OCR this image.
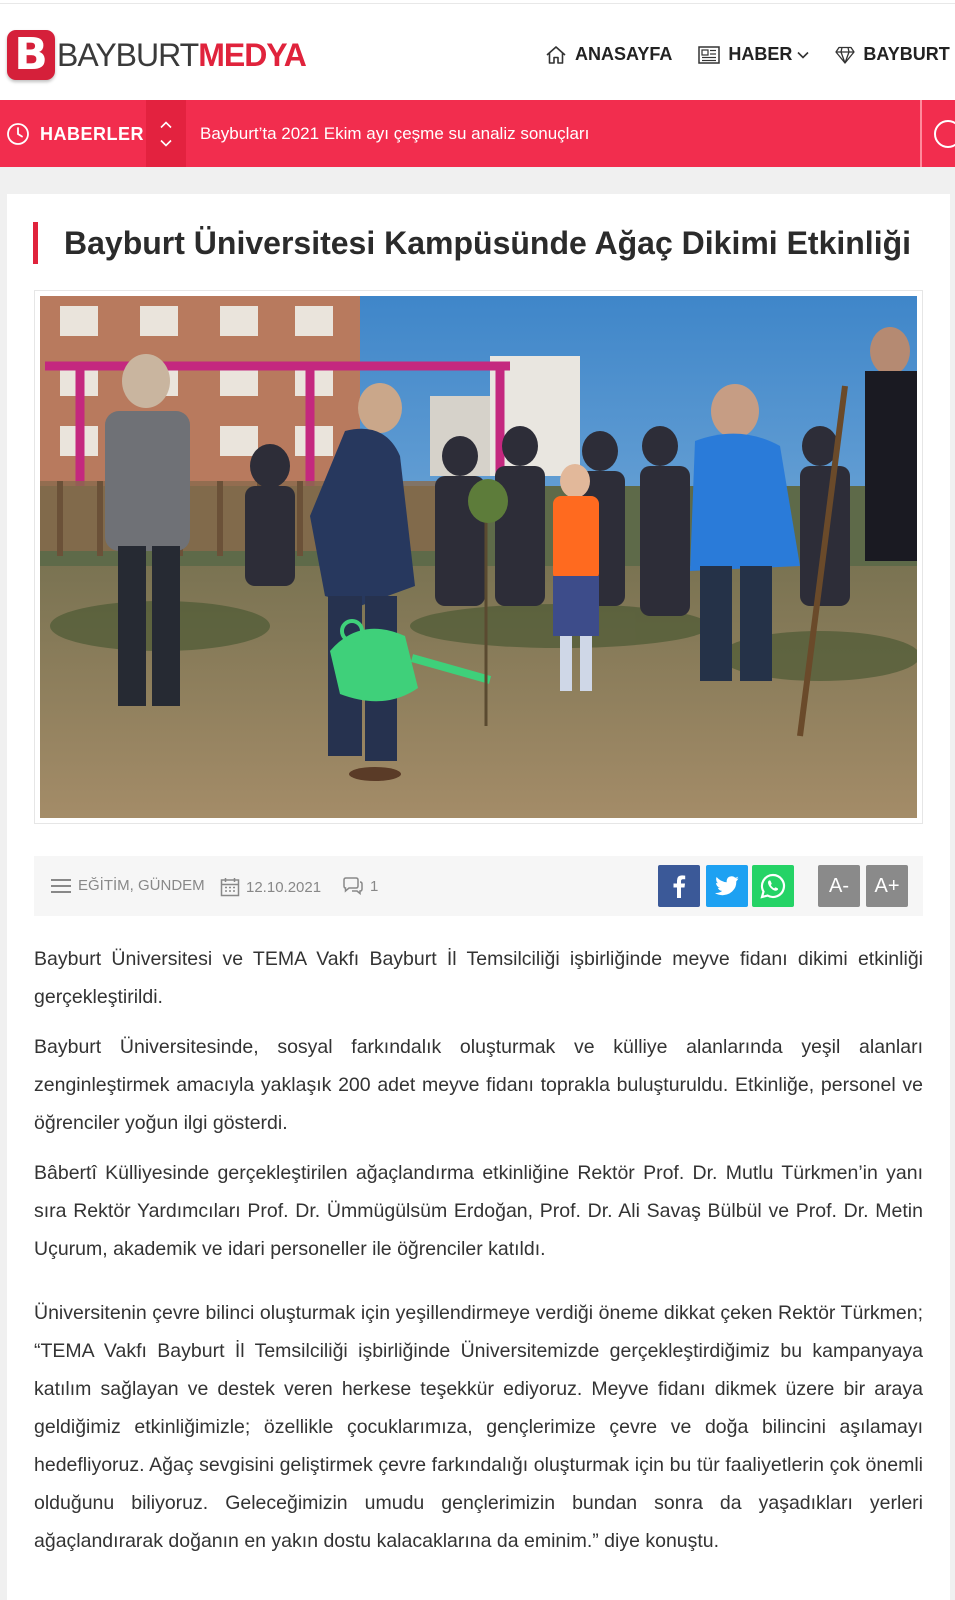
B BAYBURTMEDYA	ANASAYFA	HABER	BAYBURT
HABERLER	Bayburt’ta 2021 Ekim ayı çeşme su analiz sonuçları
Bayburt Üniversitesi Kampüsünde Ağaç Dikimi Etkinliği
EĞİTİM, GÜNDEM	12.10.2021	1	A-	A+

Bayburt Üniversitesi ve TEMA Vakfı Bayburt İl Temsilciliği işbirliğinde meyve fidanı dikimi etkinliği gerçekleştirildi.

Bayburt Üniversitesinde, sosyal farkındalık oluşturmak ve külliye alanlarında yeşil alanları zenginleştirmek amacıyla yaklaşık 200 adet meyve fidanı toprakla buluşturuldu. Etkinliğe, personel ve öğrenciler yoğun ilgi gösterdi.

Bâbertî Külliyesinde gerçekleştirilen ağaçlandırma etkinliğine Rektör Prof. Dr. Mutlu Türkmen’in yanı sıra Rektör Yardımcıları Prof. Dr. Ümmügülsüm Erdoğan, Prof. Dr. Ali Savaş Bülbül ve Prof. Dr. Metin Uçurum, akademik ve idari personeller ile öğrenciler katıldı.

Üniversitenin çevre bilinci oluşturmak için yeşillendirmeye verdiği öneme dikkat çeken Rektör Türkmen; “TEMA Vakfı Bayburt İl Temsilciliği işbirliğinde Üniversitemizde gerçekleştirdiğimiz bu kampanyaya katılım sağlayan ve destek veren herkese teşekkür ediyoruz. Meyve fidanı dikmek üzere bir araya geldiğimiz etkinliğimizle; özellikle çocuklarımıza, gençlerimize çevre ve doğa bilincini aşılamayı hedefliyoruz. Ağaç sevgisini geliştirmek çevre farkındalığı oluşturmak için bu tür faaliyetlerin çok önemli olduğunu biliyoruz. Geleceğimizin umudu gençlerimizin bundan sonra da yaşadıkları yerleri ağaçlandırarak doğanın en yakın dostu kalacaklarına da eminim.” diye konuştu.
